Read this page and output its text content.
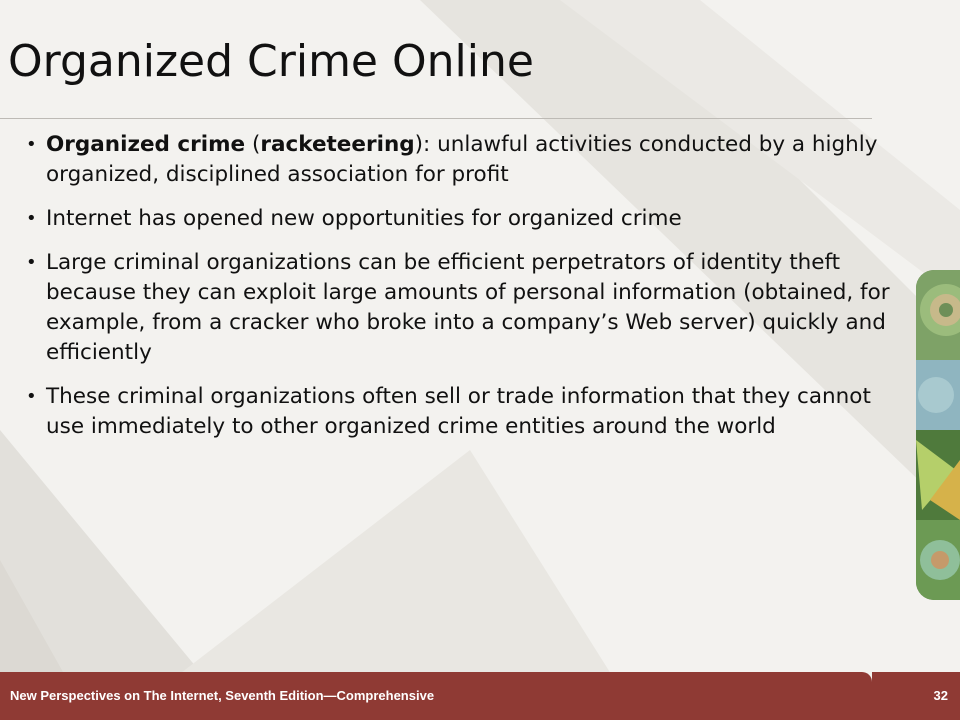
Organized Crime Online
• Organized crime (racketeering): unlawful activities conducted by a highly organized, disciplined association for profit
• Internet has opened new opportunities for organized crime
• Large criminal organizations can be efficient perpetrators of identity theft because they can exploit large amounts of personal information (obtained, for example, from a cracker who broke into a company’s Web server) quickly and efficiently
• These criminal organizations often sell or trade information that they cannot use immediately to other organized crime entities around the world
New Perspectives on The Internet, Seventh Edition—Comprehensive	32
